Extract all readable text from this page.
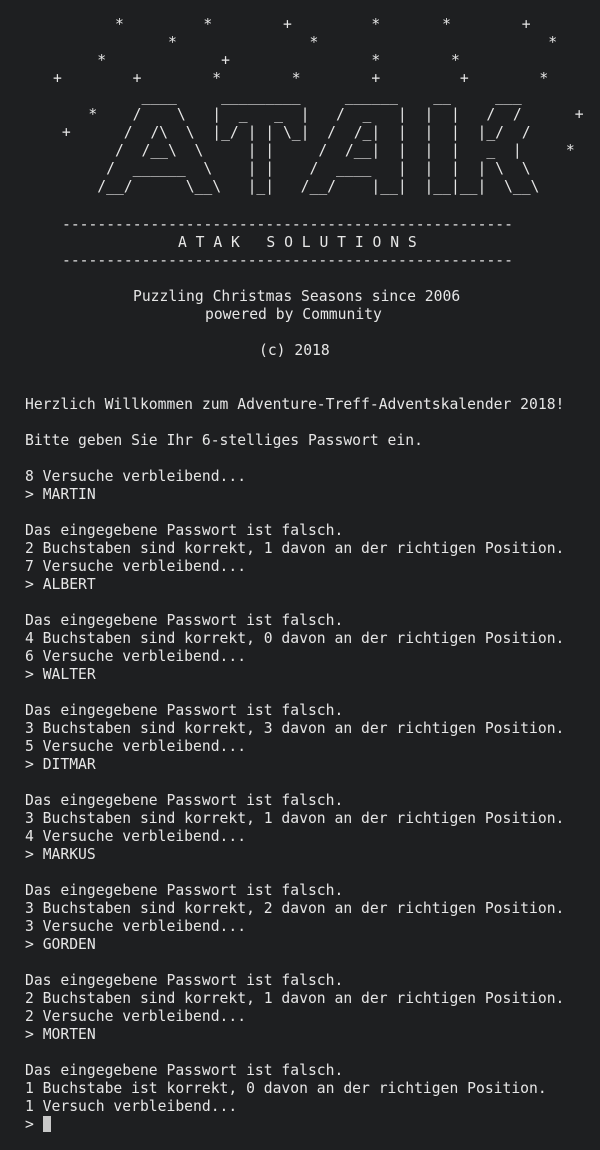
*         *        +         *       *        +
*               *                          *
*             +                *        *
+        +        *        *        +         +        *
____     _________     ______    __     ___
*    /    \   |  _   _  |   /  _   |  |  |   /  /      +
+      /  /\  \  |_/ | | \_|  /  /_|  |  |  |  |_/  /
/  /__\  \     | |     /  /__|  |  |  |   _  |     *
/  ______  \    | |    /  ____   |  |  |  | \  \
/__/      \__\   |_|   /__/    |__|  |__|__|  \__\
---------------------------------------------------
A T A K   S O L U T I O N S
---------------------------------------------------
Puzzling Christmas Seasons since 2006
powered by Community
(c) 2018
Herzlich Willkommen zum Adventure-Treff-Adventskalender 2018!
Bitte geben Sie Ihr 6-stelliges Passwort ein.
8 Versuche verbleibend...
> MARTIN
Das eingegebene Passwort ist falsch.
2 Buchstaben sind korrekt, 1 davon an der richtigen Position.
7 Versuche verbleibend...
> ALBERT
Das eingegebene Passwort ist falsch.
4 Buchstaben sind korrekt, 0 davon an der richtigen Position.
6 Versuche verbleibend...
> WALTER
Das eingegebene Passwort ist falsch.
3 Buchstaben sind korrekt, 3 davon an der richtigen Position.
5 Versuche verbleibend...
> DITMAR
Das eingegebene Passwort ist falsch.
3 Buchstaben sind korrekt, 1 davon an der richtigen Position.
4 Versuche verbleibend...
> MARKUS
Das eingegebene Passwort ist falsch.
3 Buchstaben sind korrekt, 2 davon an der richtigen Position.
3 Versuche verbleibend...
> GORDEN
Das eingegebene Passwort ist falsch.
2 Buchstaben sind korrekt, 1 davon an der richtigen Position.
2 Versuche verbleibend...
> MORTEN
Das eingegebene Passwort ist falsch.
1 Buchstabe ist korrekt, 0 davon an der richtigen Position.
1 Versuch verbleibend...
>
